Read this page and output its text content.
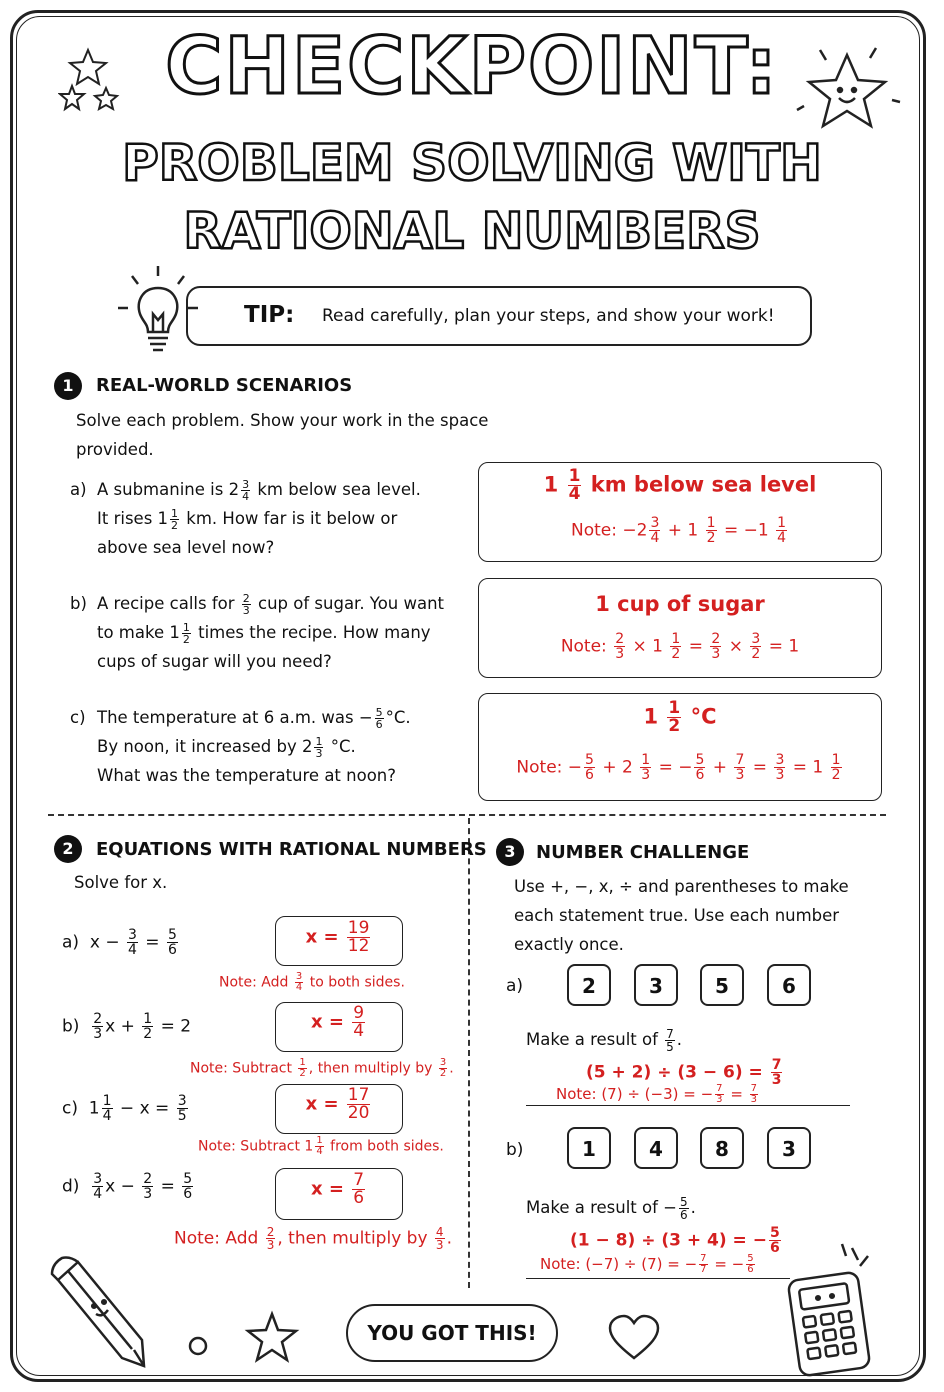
CHECKPOINT:
PROBLEM SOLVING WITH
RATIONAL NUMBERS
TIP: Read carefully, plan your steps, and show your work!
1	REAL-WORLD SCENARIOS
Solve each problem. Show your work in the space
provided.
a) A submanine is $2 \frac{3}{4}$ km below sea level.
It rises $1 \frac{1}{2}$ km. How far is it below or
above sea level now?
$1 \frac{1}{4}$ km below sea level
Note: $-2 \frac{3}{4} + 1 \frac{1}{2} = -1 \frac{1}{4}$
b) A recipe calls for $\frac{2}{3}$ cup of sugar. You want
to make $1 \frac{1}{2}$ times the recipe. How many
cups of sugar will you need?
1 cup of sugar
Note: $\frac{2}{3} \times 1 \frac{1}{2} = \frac{2}{3} \times \frac{3}{2} = 1$
c) The temperature at 6 a.m. was − $\frac{5}{6} ^\circ C$.
By noon, it increased by $2 \frac{1}{3} ^\circ C$.
What was the temperature at noon?
$1 \frac{1}{2} ^\circ C$
Note: − $\frac{5}{6} + 2 \frac{1}{3}$ = − $\frac{5}{6} + \frac{7}{3} = \frac{3}{3} = 1 \frac{1}{2}$
2	EQUATIONS WITH RATIONAL NUMBERS
Solve for x.
a)  $x - \frac{3}{4} = \frac{5}{6}$	$x = \frac{19}{12}$
Note: Add $\frac{3}{4}$ to both sides.
$b) \frac{2}{3}$ $x + \frac{1}{2} = 2$	$x = \frac{9}{4}$
Note: Subtract $\frac{1}{2}$ , then multiply by $\frac{3}{2}$ .
c)  $1 \frac{1}{4} - x = \frac{3}{5}$	$x = \frac{17}{20}$
Note: Subtract $1 \frac{1}{4}$ from both sides.
$d) \frac{3}{4}$ $x - \frac{2}{3} = \frac{5}{6}$	$x = \frac{7}{6}$
Note: Add $\frac{2}{3}$ , then multiply by $\frac{4}{3}$ .
3	NUMBER CHALLENGE
Use +, −, x, ÷ and parentheses to make
each statement true. Use each number
exactly once.
a)	2	3	5	6
Make a result of $\frac{7}{5}$ .
$(5 + 2) \div (3 - 6) = \frac{7}{3}$
Note: (7) ÷ (−3) = − $\frac{7}{3} = \frac{7}{3}$
b)	1	4	8	3
Make a result of − $\frac{5}{6}$ .
(1 − 8) ÷ (3 + 4) = − $\frac{5}{6}$
Note: (−7) ÷ (7) = − $\frac{7}{7}$ = − $\frac{5}{6}$
YOU GOT THIS!
